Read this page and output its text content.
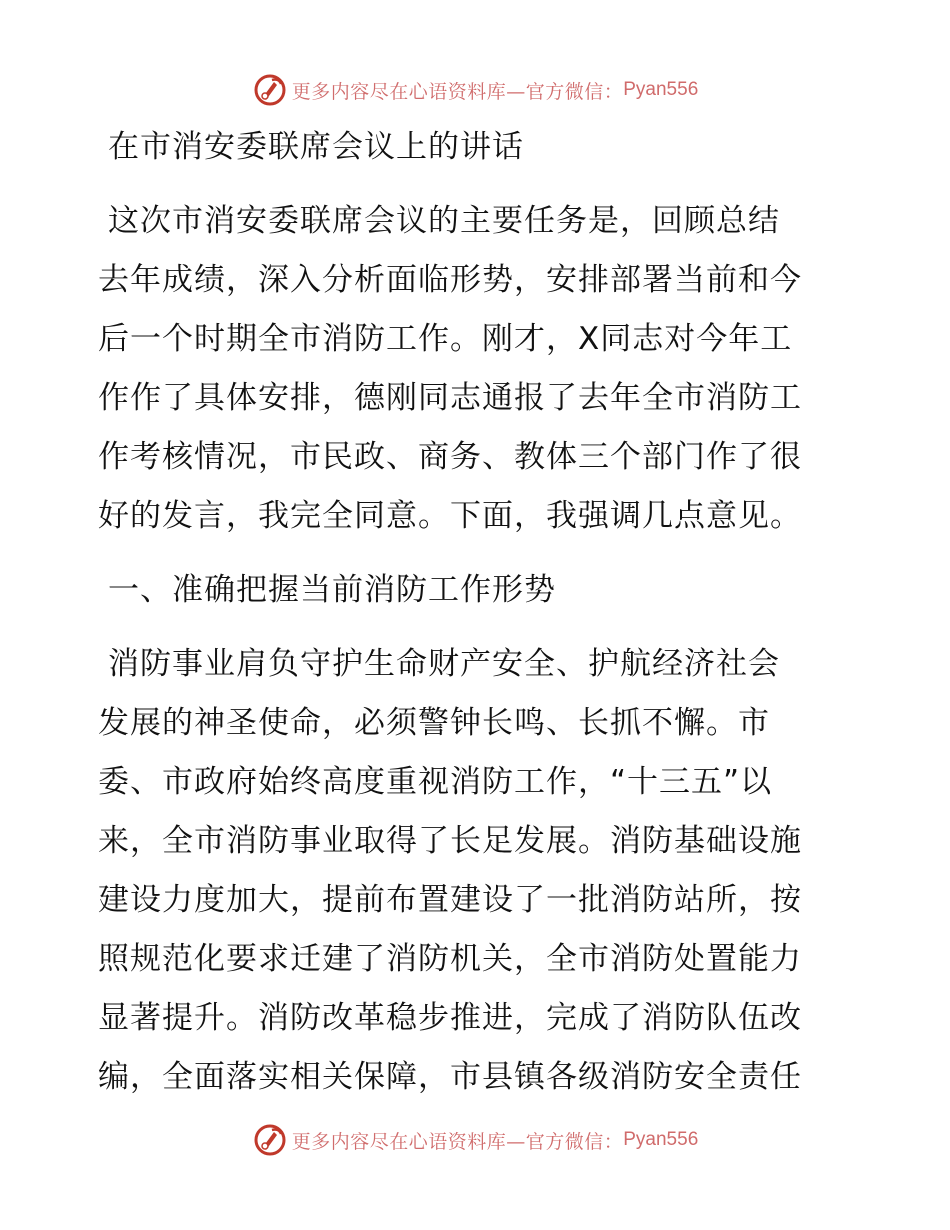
更多内容尽在心语资料库—官方微信： Pyan556
在市消安委联席会议上的讲话
这次市消安委联席会议的主要任务是，回顾总结
去年成绩，深入分析面临形势，安排部署当前和今
后一个时期全市消防工作。刚才，X同志对今年工
作作了具体安排，德刚同志通报了去年全市消防工
作考核情况，市民政、商务、教体三个部门作了很
好的发言，我完全同意。下面，我强调几点意见。
一、准确把握当前消防工作形势
消防事业肩负守护生命财产安全、护航经济社会
发展的神圣使命，必须警钟长鸣、长抓不懈。市
委、市政府始终高度重视消防工作，“十三五”以
来，全市消防事业取得了长足发展。消防基础设施
建设力度加大，提前布置建设了一批消防站所，按
照规范化要求迁建了消防机关，全市消防处置能力
显著提升。消防改革稳步推进，完成了消防队伍改
编，全面落实相关保障，市县镇各级消防安全责任
更多内容尽在心语资料库—官方微信： Pyan556
